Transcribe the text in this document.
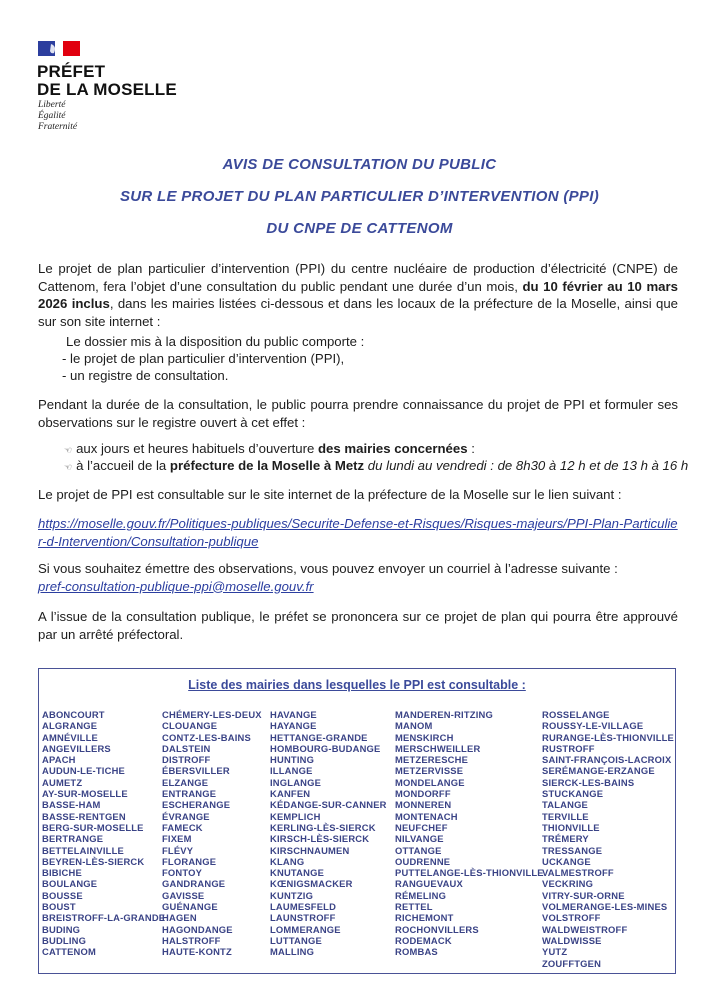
PRÉFET
DE LA MOSELLE
Liberté
Égalité
Fraternité
AVIS DE CONSULTATION DU PUBLIC
SUR LE PROJET DU PLAN PARTICULIER D’INTERVENTION (PPI)
DU CNPE DE CATTENOM
Le projet de plan particulier d’intervention (PPI) du centre nucléaire de production d’électricité (CNPE) de Cattenom, fera l’objet d’une consultation du public pendant une durée d’un mois, du 10 février au 10 mars 2026 inclus, dans les mairies listées ci-dessous et dans les locaux de la préfecture de la Moselle, ainsi que sur son site internet :
Le dossier mis à la disposition du public comporte :
- le projet de plan particulier d’intervention (PPI),
- un registre de consultation.
Pendant la durée de la consultation, le public pourra prendre connaissance du projet de PPI et formuler ses observations sur le registre ouvert à cet effet :
☜ aux jours et heures habituels d’ouverture des mairies concernées :
☜ à l’accueil de la préfecture de la Moselle à Metz du lundi au vendredi : de 8h30 à 12 h et de 13 h à 16 h
Le projet de PPI est consultable sur le site internet de la préfecture de la Moselle sur le lien suivant :
https://moselle.gouv.fr/Politiques-publiques/Securite-Defense-et-Risques/Risques-majeurs/PPI-Plan-Particulier-d-Intervention/Consultation-publique
Si vous souhaitez émettre des observations, vous pouvez envoyer un courriel à l’adresse suivante :
pref-consultation-publique-ppi@moselle.gouv.fr
A l’issue de la consultation publique, le préfet se prononcera sur ce projet de plan qui pourra être approuvé par un arrêté préfectoral.
Liste des mairies dans lesquelles le PPI est consultable :
ABONCOURT
ALGRANGE
AMNÉVILLE
ANGEVILLERS
APACH
AUDUN-LE-TICHE
AUMETZ
AY-SUR-MOSELLE
BASSE-HAM
BASSE-RENTGEN
BERG-SUR-MOSELLE
BERTRANGE
BETTELAINVILLE
BEYREN-LÈS-SIERCK
BIBICHE
BOULANGE
BOUSSE
BOUST
BREISTROFF-LA-GRANDE
BUDING
BUDLING
CATTENOM
CHÉMERY-LES-DEUX
CLOUANGE
CONTZ-LES-BAINS
DALSTEIN
DISTROFF
ÉBERSVILLER
ELZANGE
ENTRANGE
ESCHERANGE
ÉVRANGE
FAMECK
FIXEM
FLÉVY
FLORANGE
FONTOY
GANDRANGE
GAVISSE
GUÉNANGE
HAGEN
HAGONDANGE
HALSTROFF
HAUTE-KONTZ
HAVANGE
HAYANGE
HETTANGE-GRANDE
HOMBOURG-BUDANGE
HUNTING
ILLANGE
INGLANGE
KANFEN
KÉDANGE-SUR-CANNER
KEMPLICH
KERLING-LÈS-SIERCK
KIRSCH-LÈS-SIERCK
KIRSCHNAUMEN
KLANG
KNUTANGE
KŒNIGSMACKER
KUNTZIG
LAUMESFELD
LAUNSTROFF
LOMMERANGE
LUTTANGE
MALLING
MANDEREN-RITZING
MANOM
MENSKIRCH
MERSCHWEILLER
METZERESCHE
METZERVISSE
MONDELANGE
MONDORFF
MONNEREN
MONTENACH
NEUFCHEF
NILVANGE
OTTANGE
OUDRENNE
PUTTELANGE-LÈS-THIONVILLE
RANGUEVAUX
RÉMELING
RETTEL
RICHEMONT
ROCHONVILLERS
RODEMACK
ROMBAS
ROSSELANGE
ROUSSY-LE-VILLAGE
RURANGE-LÈS-THIONVILLE
RUSTROFF
SAINT-FRANÇOIS-LACROIX
SERÉMANGE-ERZANGE
SIERCK-LES-BAINS
STUCKANGE
TALANGE
TERVILLE
THIONVILLE
TRÉMERY
TRESSANGE
UCKANGE
VALMESTROFF
VECKRING
VITRY-SUR-ORNE
VOLMERANGE-LES-MINES
VOLSTROFF
WALDWEISTROFF
WALDWISSE
YUTZ
ZOUFFTGEN
